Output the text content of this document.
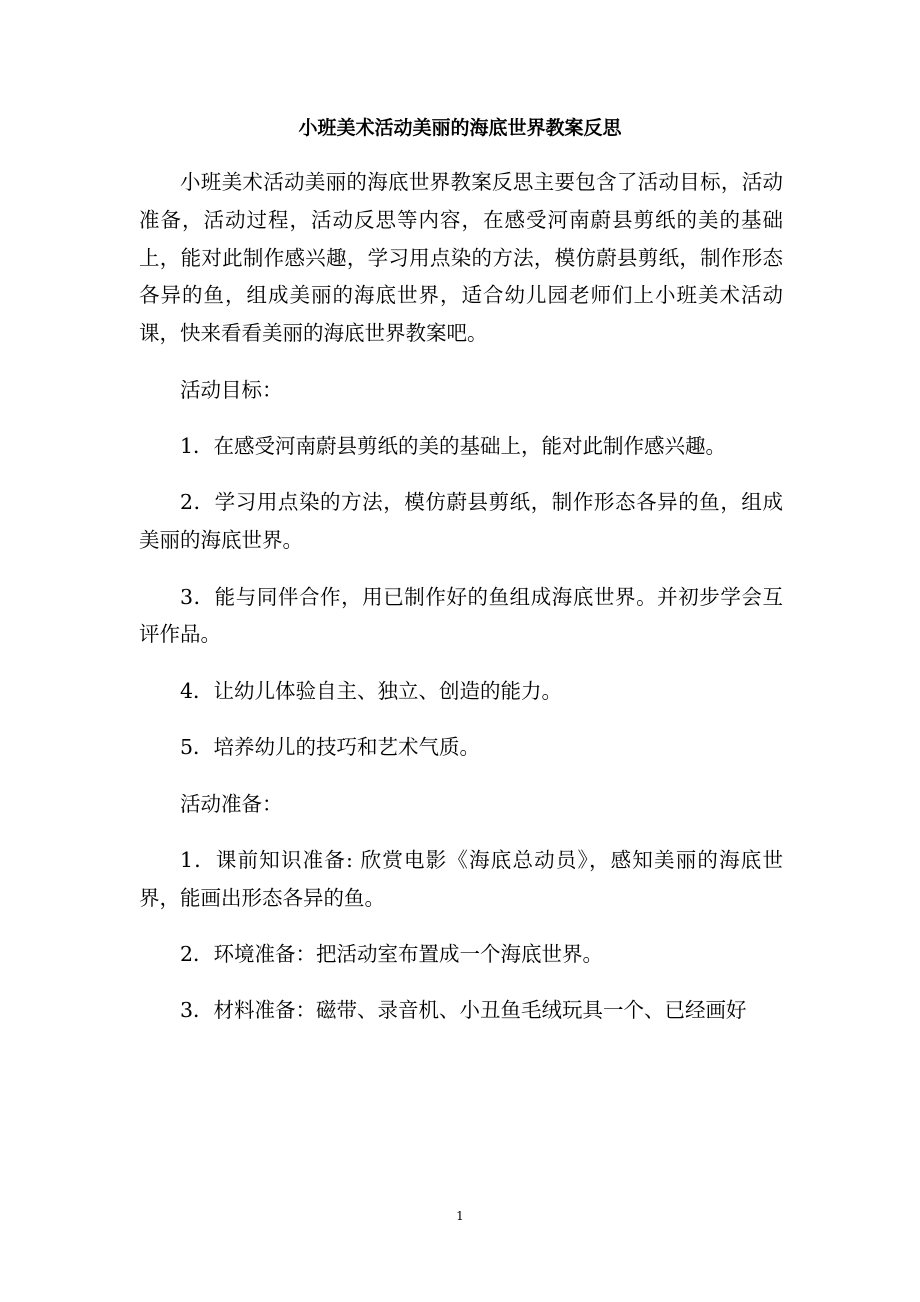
小班美术活动美丽的海底世界教案反思

小班美术活动美丽的海底世界教案反思主要包含了活动目标，活动准备，活动过程，活动反思等内容，在感受河南蔚县剪纸的美的基础上，能对此制作感兴趣，学习用点染的方法，模仿蔚县剪纸，制作形态各异的鱼，组成美丽的海底世界，适合幼儿园老师们上小班美术活动课，快来看看美丽的海底世界教案吧。

活动目标：

1．在感受河南蔚县剪纸的美的基础上，能对此制作感兴趣。

2．学习用点染的方法，模仿蔚县剪纸，制作形态各异的鱼，组成美丽的海底世界。

3．能与同伴合作，用已制作好的鱼组成海底世界。并初步学会互评作品。

4．让幼儿体验自主、独立、创造的能力。

5．培养幼儿的技巧和艺术气质。

活动准备：

1．课前知识准备: 欣赏电影《海底总动员》，感知美丽的海底世界，能画出形态各异的鱼。

2．环境准备：把活动室布置成一个海底世界。

3．材料准备：磁带、录音机、小丑鱼毛绒玩具一个、已经画好

1
